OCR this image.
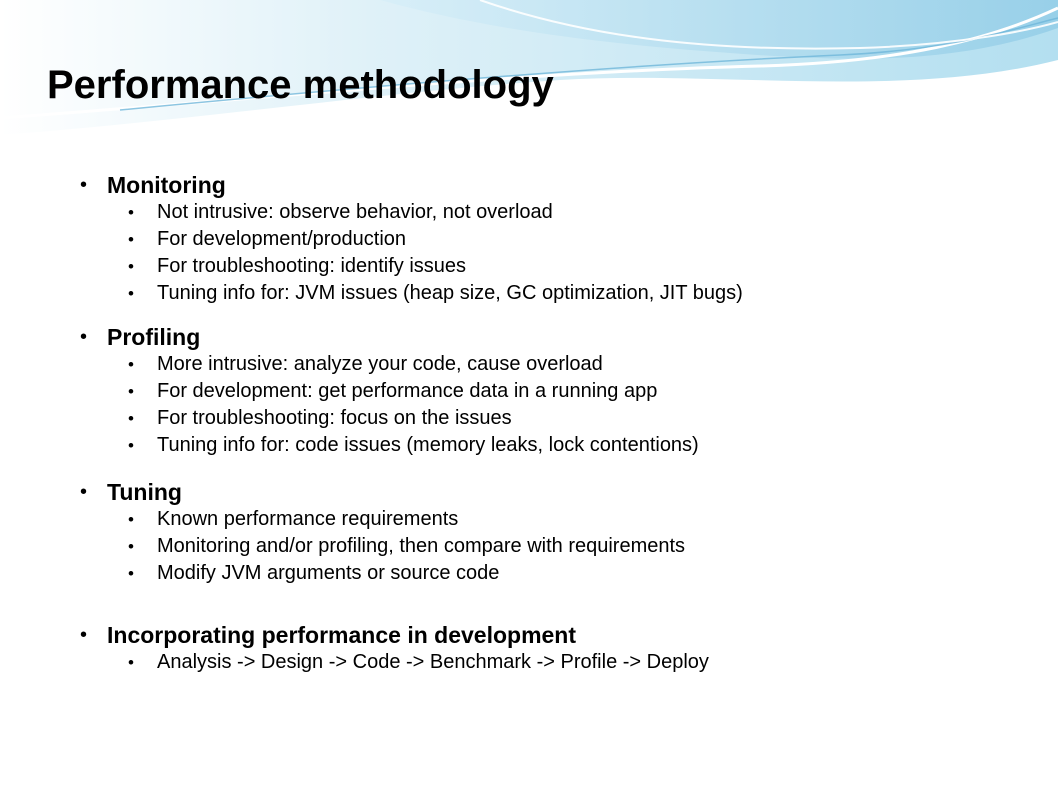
Performance methodology
• Monitoring
• Not intrusive: observe behavior, not overload
• For development/production
• For troubleshooting: identify issues
• Tuning info for: JVM issues (heap size, GC optimization, JIT bugs)
• Profiling
• More intrusive: analyze your code, cause overload
• For development: get performance data in a running app
• For troubleshooting: focus on the issues
• Tuning info for: code issues (memory leaks, lock contentions)
• Tuning
• Known performance requirements
• Monitoring and/or profiling, then compare with requirements
• Modify JVM arguments or source code
• Incorporating performance in development
• Analysis -> Design -> Code -> Benchmark -> Profile -> Deploy
